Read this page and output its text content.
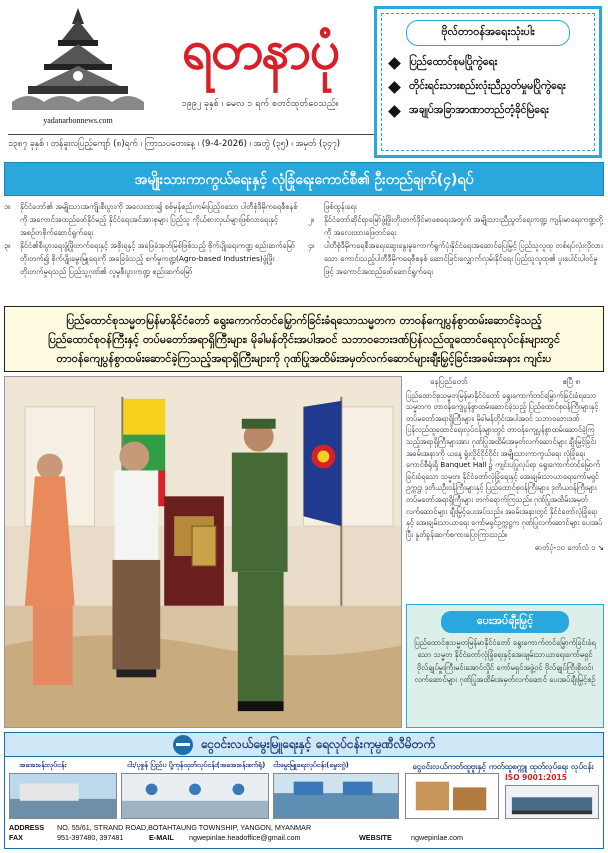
yadanarbonnews.com
ရတနာပုံ
၁၉၉၂ ခုနှစ် ၊ မေလ ၁ ရက် စတင်ထုတ်ဝေသည်။
၁၃၈၇ ခုနှစ် ၊ တန်ခူးလပြည့်ကျော် (၈)ရက် ၊ ကြာသပတေးနေ့ ၊ (9-4-2026) ၊ အတွဲ (၃၅) ၊ အမှတ် (၃၄၇)
ဗိုလ်တာဝန်အရေးသုံးပါး
ပြည်ထောင်စုမပြိုကွဲရေး
တိုင်းရင်းသားစည်းလုံးညီညွတ်မှုမပြိုကွဲရေး
အချုပ်အခြာအာဏာတည်တံ့ခိုင်မြဲရေး
အမျိုးသားကာကွယ်ရေးနှင့် လုံခြုံရေးကောင်စီ၏ ဦးတည်ချက်(၄)ရပ်
၁။	နိုင်ငံတော်၏ အမျိုးသားအကျိုးစီးပွားကို အလေးထား၍ စစ်မှန်စည်းကမ်းပြည့်ဝသော ပါတီစုံဒီမိုကရေစီစနစ်ကို အကောင်အထည်ဖော်နိုင်မည့် နိုင်ငံရေးအင်အားစုများ ပြည်သူ ကိုယ်စားလှယ်များဖြစ်လာရေးနှင့် အစဉ်တစိုက်ဆောင်ရွက်ရေး
၃။	နိုင်ငံ၏စီးပွားရေးဖွံ့ဖြိုးတက်ရေးနှင့် အစိုးရနှင့် အဖြေခံအုတ်မြစ်ဖြစ်သည့် စိုက်ပျိုးရေးကဏ္ဍ စည်းဆက်မြော်တိုးတက်၍ စိုက်ပျိုးမွေးမြူရေးကို အခြေခံသည့် စက်မှုကဏ္ဍ(Agro-based Industries)ဖွံ့ဖြိုးတိုးတက်မှုရသည် ပြည်သူ့ဂုဏ်၏ လူမှုစီးပွားကဏ္ဍ စည်းဆက်မြော်
ဖြစ်ထွန်းရေး
၂။	နိုင်ငံတော်ဆိုင်ရာမြော်ဖွံ့ဖြိုးတိုးတက်ဒိုင်မာစေရေးအတွက် အမျိုးသားညီညွတ်ရေးကဏ္ဍ ကျန်းမာရေးကဏ္ဍတို့ကို အလေးထားဖြေတင်ရေး
၄။	ပါတီစုံဒီမိုကရေစီအရေးဆွေးနွေးမှုကောက်ရွက်ပုံ၊နိုင်ငံရေးအဆောင်ပြေမြှင့် ပြည်သူလူထု တစ်ရပ်လုံးလိုလားသော ကောင်းသည့်ပါတီဒီမိုကရေစီစနစ် ဆောင်ခြင်းလျှောက်လှမ်းနိုင်ရေး ပြည်သူလူထု၏ ပူးပေါင်းပါဝင်မှုဖြင့် အကောင်အထည်ဖော်ဆောင်ရွက်ရေး
ပြည်ထောင်စုသမ္မတမြန်မာနိုင်ငံတော် ရွေးကောက်တင်မြှောက်ခြင်းခံရသောသမ္မတက တာဝန်ကျေပွန်စွာထမ်းဆောင်ခဲ့သည့်
ပြည်ထောင်စုဝန်ကြီးနှင့် တပ်မတော်အရာရှိကြီးများ၊ မိုခါမန်တိုင်းအပါအဝင် သဘာဝဘေးဒဏ်ပြန်လည်ထူထောင်ရေးလုပ်ငန်းများတွင်
တာဝန်ကျေပွန်စွာထမ်းဆောင်ခဲ့ကြသည့်အရာရှိကြီးများကို ဂုဏ်ပြုအထိမ်းအမှတ်လက်ဆောင်များချီးမြှင့်ခြင်းအခမ်းအနား ကျင်းပ
နေပြည်တော်	ဧပြီ ၈
ပြည်ထောင်စုသမ္မတမြန်မာနိုင်ငံတော် ရွေးကောက်တင်မြှောက်ခြင်းခံရသော သမ္မတက တာဝန်ကျေပွန်စွာထမ်းဆောင်ခဲ့သည့် ပြည်ထောင်စုဝန်ကြီးများနှင့် တပ်မတော်အရာရှိကြီးများ၊ မိုခါမန်တိုင်းအပါအဝင် သဘာဝဘေးဒဏ်ပြန်လည်ထူထောင်ရေးလုပ်ငန်းများတွင် တာဝန်ကျေပွန်စွာထမ်းဆောင်ခဲ့ကြသည့်အရာရှိကြီးများအား ဂုဏ်ပြုအထိမ်းအမှတ်လက်ဆောင်များ ချီးမြှင့်ခြင်းအခမ်းအနားကို ယနေ့ ရှုံးလှိုင်ငိုင်ဝိုင်း အမျိုးသားကာကွယ်ရေး လုံခြုံရေးကောင်စီရုံးရှိ Banquet Hall ၌ ကျင်းပပြုလုပ်ရာ ရွေးကောက်တင်မြှောက်ခြင်းခံရသော သမ္မတ၊ နိုင်ငံတော်လုံခြုံရေးနှင့် အေးချမ်းသာယာရေးကော်မရှင် ဥက္ကဋ္ဌ၊ ဒုတိယဦးဝန်ကြီးများနှင့် ပြည်ထောင်စုဝန်ကြီးများ၊ ဒုတိယဝန်ကြီးများ တပ်မတော်အရာရှိကြီးများ တက်ရောက်ကြသည်။ ဂုဏ်ပြုအထိမ်းအမှတ်လက်ဆောင်များ ချီးမြှင့်ပေးအပ်သည်။ အခမ်းအနားတွင် နိုင်ငံတော်လုံခြုံရေးနှင့် အေးချမ်းသာယာရေး ကော်မရှင်ဥက္ကဋ္ဌက ဂုဏ်ပြုလက်ဆောင်များ ပေးအပ်ပြီး နှုတ်ခွန်းဆက်စကားပြောကြားသည်။
ဓာတ်ပုံ-၁၀ ကော်လံ ၁ ↘
ပေးအပ်ချီးမြှင့်
ပြည်ထောင်စုသမ္မတမြန်မာနိုင်ငံတော် ရွေးကောက်တင်မြှောက်ခြင်းခံရသော သမ္မတ နိုင်ငံတော်လုံခြုံရေးနှင့်အေးချမ်းသာယာရေးကော်မရှင် ဗိုလ်ချုပ်မှူးကြီးမင်းအောင်လှိုင် ကော်မရှင်အဖွဲ့ဝင် ဗိုလ်ချုပ်ကြီးစိုးဝင်းလက်ဆောင်များ ဂုဏ်ပြုအထိမ်းအမှတ်လက်ဆောင် ပေးအပ်ချီးမြှင့်စဉ်
ငွေဝင်းလယ်မွေးမြူရေးနှင့် ရေလုပ်ငန်းကုမ္ပဏီလီမိတက်
အအေးခန်းလုပ်ငန်း	ငါး/ပုစွန် ပြည်ပ ပို့ကုန်ထုတ်လုပ်ငန်း(အအေးခန်းစက်ရုံ) ငါးမွေးမြူရေးလုပ်ငန်း(မွေးတွဲ)	ငွေဝင်းလယ်ကတ်ထူဗူးနှင့် ကတ်ထူစက္ကူ ထုတ်လုပ်ရေး လုပ်ငန်း
ISO 9001:2015
ADDRESS	NO. 55/61, STRAND ROAD,BOTAHTAUNG TOWNSHIP, YANGON, MYANMAR
FAX	951-397480, 397481	E-MAIL	ngwepinlae.headoffice@gmail.com	WEBSITE	ngwepinlae.com
